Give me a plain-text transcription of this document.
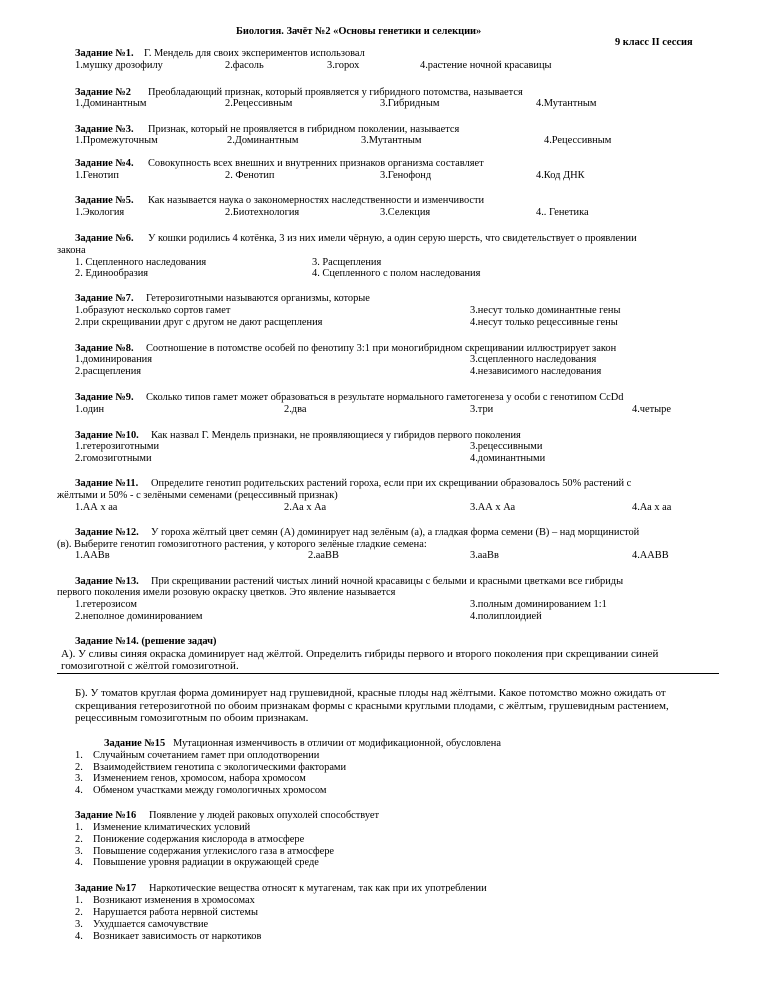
Биология. Зачёт №2 «Основы генетики и селекции»
9 класс II сессия
Задание №1. Г. Мендель для своих экспериментов использовал
1.мушку дрозофилу	2.фасоль	3.горох	4.растение ночной красавицы
Задание №2 Преобладающий признак, который проявляется у гибридного потомства, называется
1.Доминантным	2.Рецессивным	3.Гибридным	4.Мутантным
Задание №3. Признак, который не проявляется в гибридном поколении, называется
1.Промежуточным	2.Доминантным	3.Мутантным	4.Рецессивным
Задание №4. Совокупность всех внешних и внутренних признаков организма составляет
1.Генотип	2. Фенотип	3.Генофонд	4.Код ДНК
Задание №5. Как называется наука о закономерностях наследственности и изменчивости
1.Экология	2.Биотехнология	3.Селекция	4.. Генетика
Задание №6. У кошки родились 4 котёнка, 3 из них имели чёрную, а один серую шерсть, что свидетельствует о проявлении
закона
1. Сцепленного наследования	3. Расщепления
2. Единообразия	4. Сцепленного с полом наследования
Задание №7. Гетерозиготными называются организмы, которые
1.образуют несколько сортов гамет	3.несут только доминантные гены
2.при скрещивании друг с другом не дают расщепления	4.несут только рецессивные гены
Задание №8. Соотношение в потомстве особей по фенотипу 3:1 при моногибридном скрещивании иллюстрирует закон
1.доминирования	3.сцепленного наследования
2.расщепления	4.независимого наследования
Задание №9. Сколько типов гамет может образоваться в результате нормального гаметогенеза у особи с генотипом CcDd
1.один	2.два	3.три	4.четыре
Задание №10. Как назвал Г. Мендель признаки, не проявляющиеся у гибридов первого поколения
1.гетерозиготными	3.рецессивными
2.гомозиготными	4.доминантными
Задание №11. Определите генотип родительских растений гороха, если при их скрещивании образовалось 50% растений с
жёлтыми и 50% - с зелёными семенами (рецессивный признак)
1.АА х аа	2.Аа х Аа	3.АА х Аа	4.Аа х аа
Задание №12. У гороха жёлтый цвет семян (А) доминирует над зелёным (а), а гладкая форма семени (В) – над морщинистой
(в). Выберите генотип гомозиготного растения, у которого зелёные гладкие семена:
1.ААВв	2.ааВВ	3.ааВв	4.ААВВ
Задание №13. При скрещивании растений чистых линий ночной красавицы с белыми и красными цветками все гибриды
первого поколения имели розовую окраску цветков. Это явление называется
1.гетерозисом	3.полным доминированием 1:1
2.неполное доминированием	4.полиплоидией
Задание №14. (решение задач)
А). У сливы синяя окраска доминирует над жёлтой. Определить гибриды первого и второго поколения при скрещивании синей
гомозиготной с жёлтой гомозиготной.
Б). У томатов круглая форма доминирует над грушевидной, красные плоды над жёлтыми. Какое потомство можно ожидать от
скрещивания гетерозиготной по обоим признакам формы с красными круглыми плодами, с жёлтым, грушевидным растением,
рецессивным гомозиготным по обоим признакам.
Задание №15 Мутационная изменчивость в отличии от модификационной, обусловлена
1. Случайным сочетанием гамет при оплодотворении
2. Взаимодействием генотипа с экологическими факторами
3. Изменением генов, хромосом, набора хромосом
4. Обменом участками между гомологичных хромосом
Задание №16 Появление у людей раковых опухолей способствует
1. Изменение климатических условий
2. Понижение содержания кислорода в атмосфере
3. Повышение содержания углекислого газа в атмосфере
4. Повышение уровня радиации в окружающей среде
Задание №17 Наркотические вещества относят к мутагенам, так как при их употреблении
1. Возникают изменения в хромосомах
2. Нарушается работа нервной системы
3. Ухудшается самочувствие
4. Возникает зависимость от наркотиков
